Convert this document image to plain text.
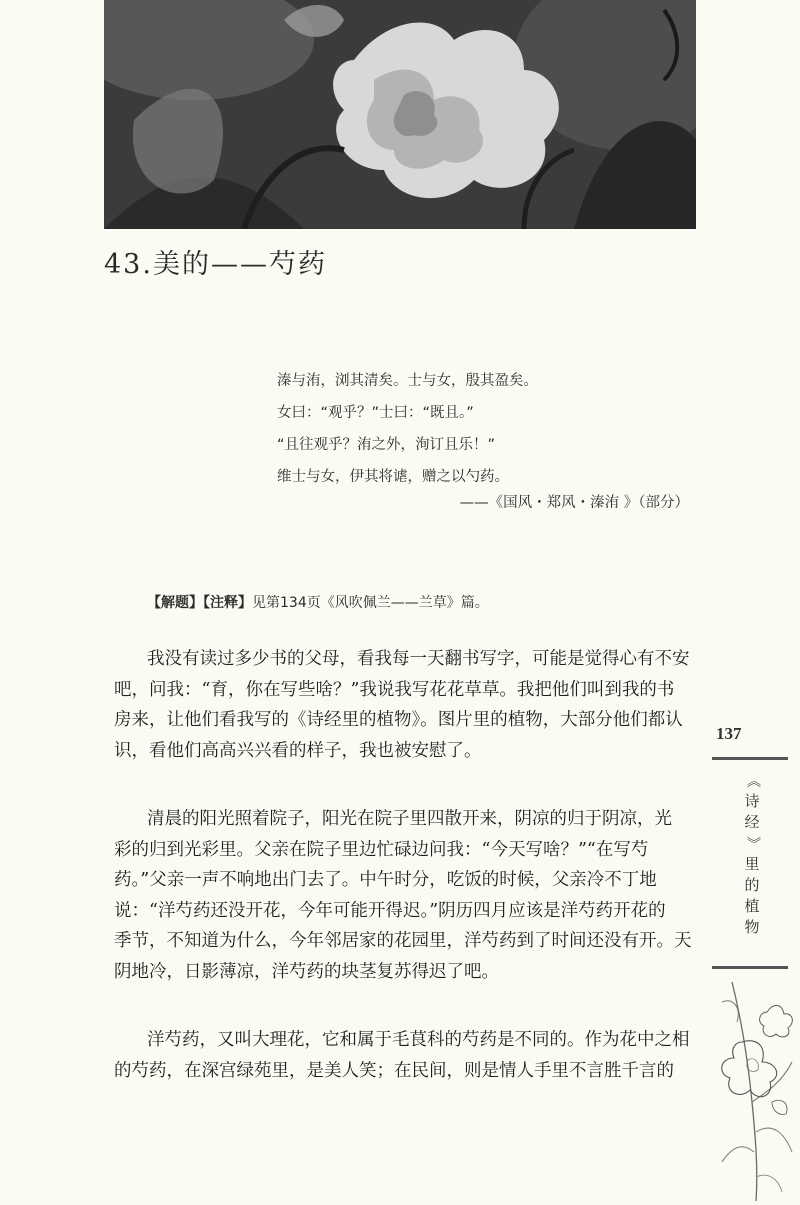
43.美的——芍药
溱与洧，浏其清矣。士与女，殷其盈矣。
女曰：“观乎？”士曰：“既且。”
“且往观乎？洧之外，洵订且乐！”
维士与女，伊其将谑，赠之以勺药。
——《国风・郑风・溱洧 》（部分）
【解题】【注释】见第134页《风吹佩兰——兰草》篇。
我没有读过多少书的父母，看我每一天翻书写字，可能是觉得心有不安
吧，问我：“育，你在写些啥？”我说我写花花草草。我把他们叫到我的书
房来，让他们看我写的《诗经里的植物》。图片里的植物，大部分他们都认
识，看他们高高兴兴看的样子，我也被安慰了。
清晨的阳光照着院子，阳光在院子里四散开来，阴凉的归于阴凉，光
彩的归到光彩里。父亲在院子里边忙碌边问我：“今天写啥？”“在写芍
药。”父亲一声不响地出门去了。中午时分，吃饭的时候，父亲冷不丁地
说：“洋芍药还没开花，今年可能开得迟。”阴历四月应该是洋芍药开花的
季节，不知道为什么，今年邻居家的花园里，洋芍药到了时间还没有开。天
阴地冷，日影薄凉，洋芍药的块茎复苏得迟了吧。
洋芍药，又叫大理花，它和属于毛茛科的芍药是不同的。作为花中之相
的芍药，在深宫绿苑里，是美人笑；在民间，则是情人手里不言胜千言的
137
《
诗
经
》
里
的
植
物
